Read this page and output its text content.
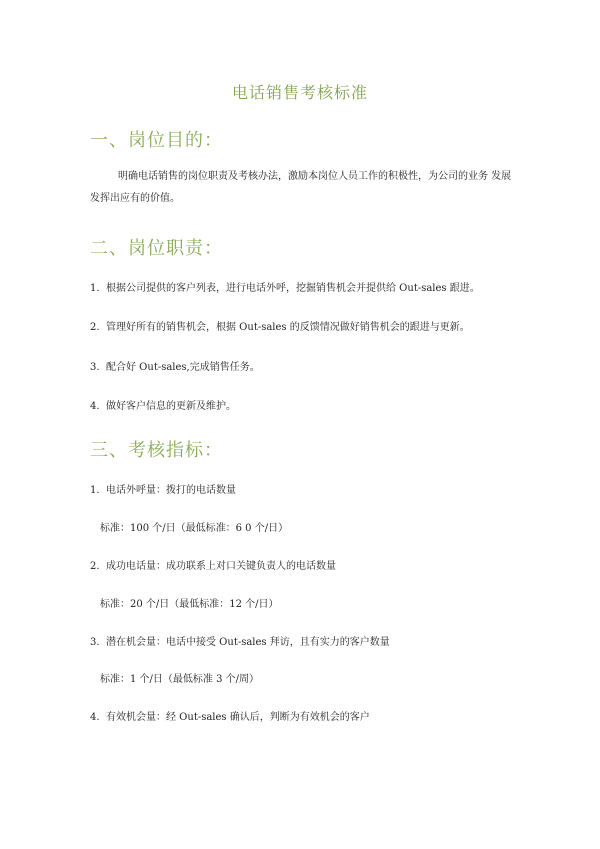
电话销售考核标准
一、岗位目的：
明确电话销售的岗位职责及考核办法，激励本岗位人员工作的积极性，为公司的业务 发展发挥出应有的价值。
二、岗位职责：
1. 根据公司提供的客户列表，进行电话外呼，挖掘销售机会并提供给 Out-sales 跟进。
2. 管理好所有的销售机会，根据 Out-sales 的反馈情况做好销售机会的跟进与更新。
3. 配合好 Out-sales,完成销售任务。
4. 做好客户信息的更新及维护。
三、考核指标：
1. 电话外呼量：拨打的电话数量
标准：100 个/日（最低标准：6 0 个/日）
2. 成功电话量：成功联系上对口关键负责人的电话数量
标准：20 个/日（最低标准：12 个/日）
3. 潜在机会量：电话中接受 Out-sales 拜访，且有实力的客户数量
标准：1 个/日（最低标准 3 个/周）
4. 有效机会量：经 Out-sales 确认后，判断为有效机会的客户
